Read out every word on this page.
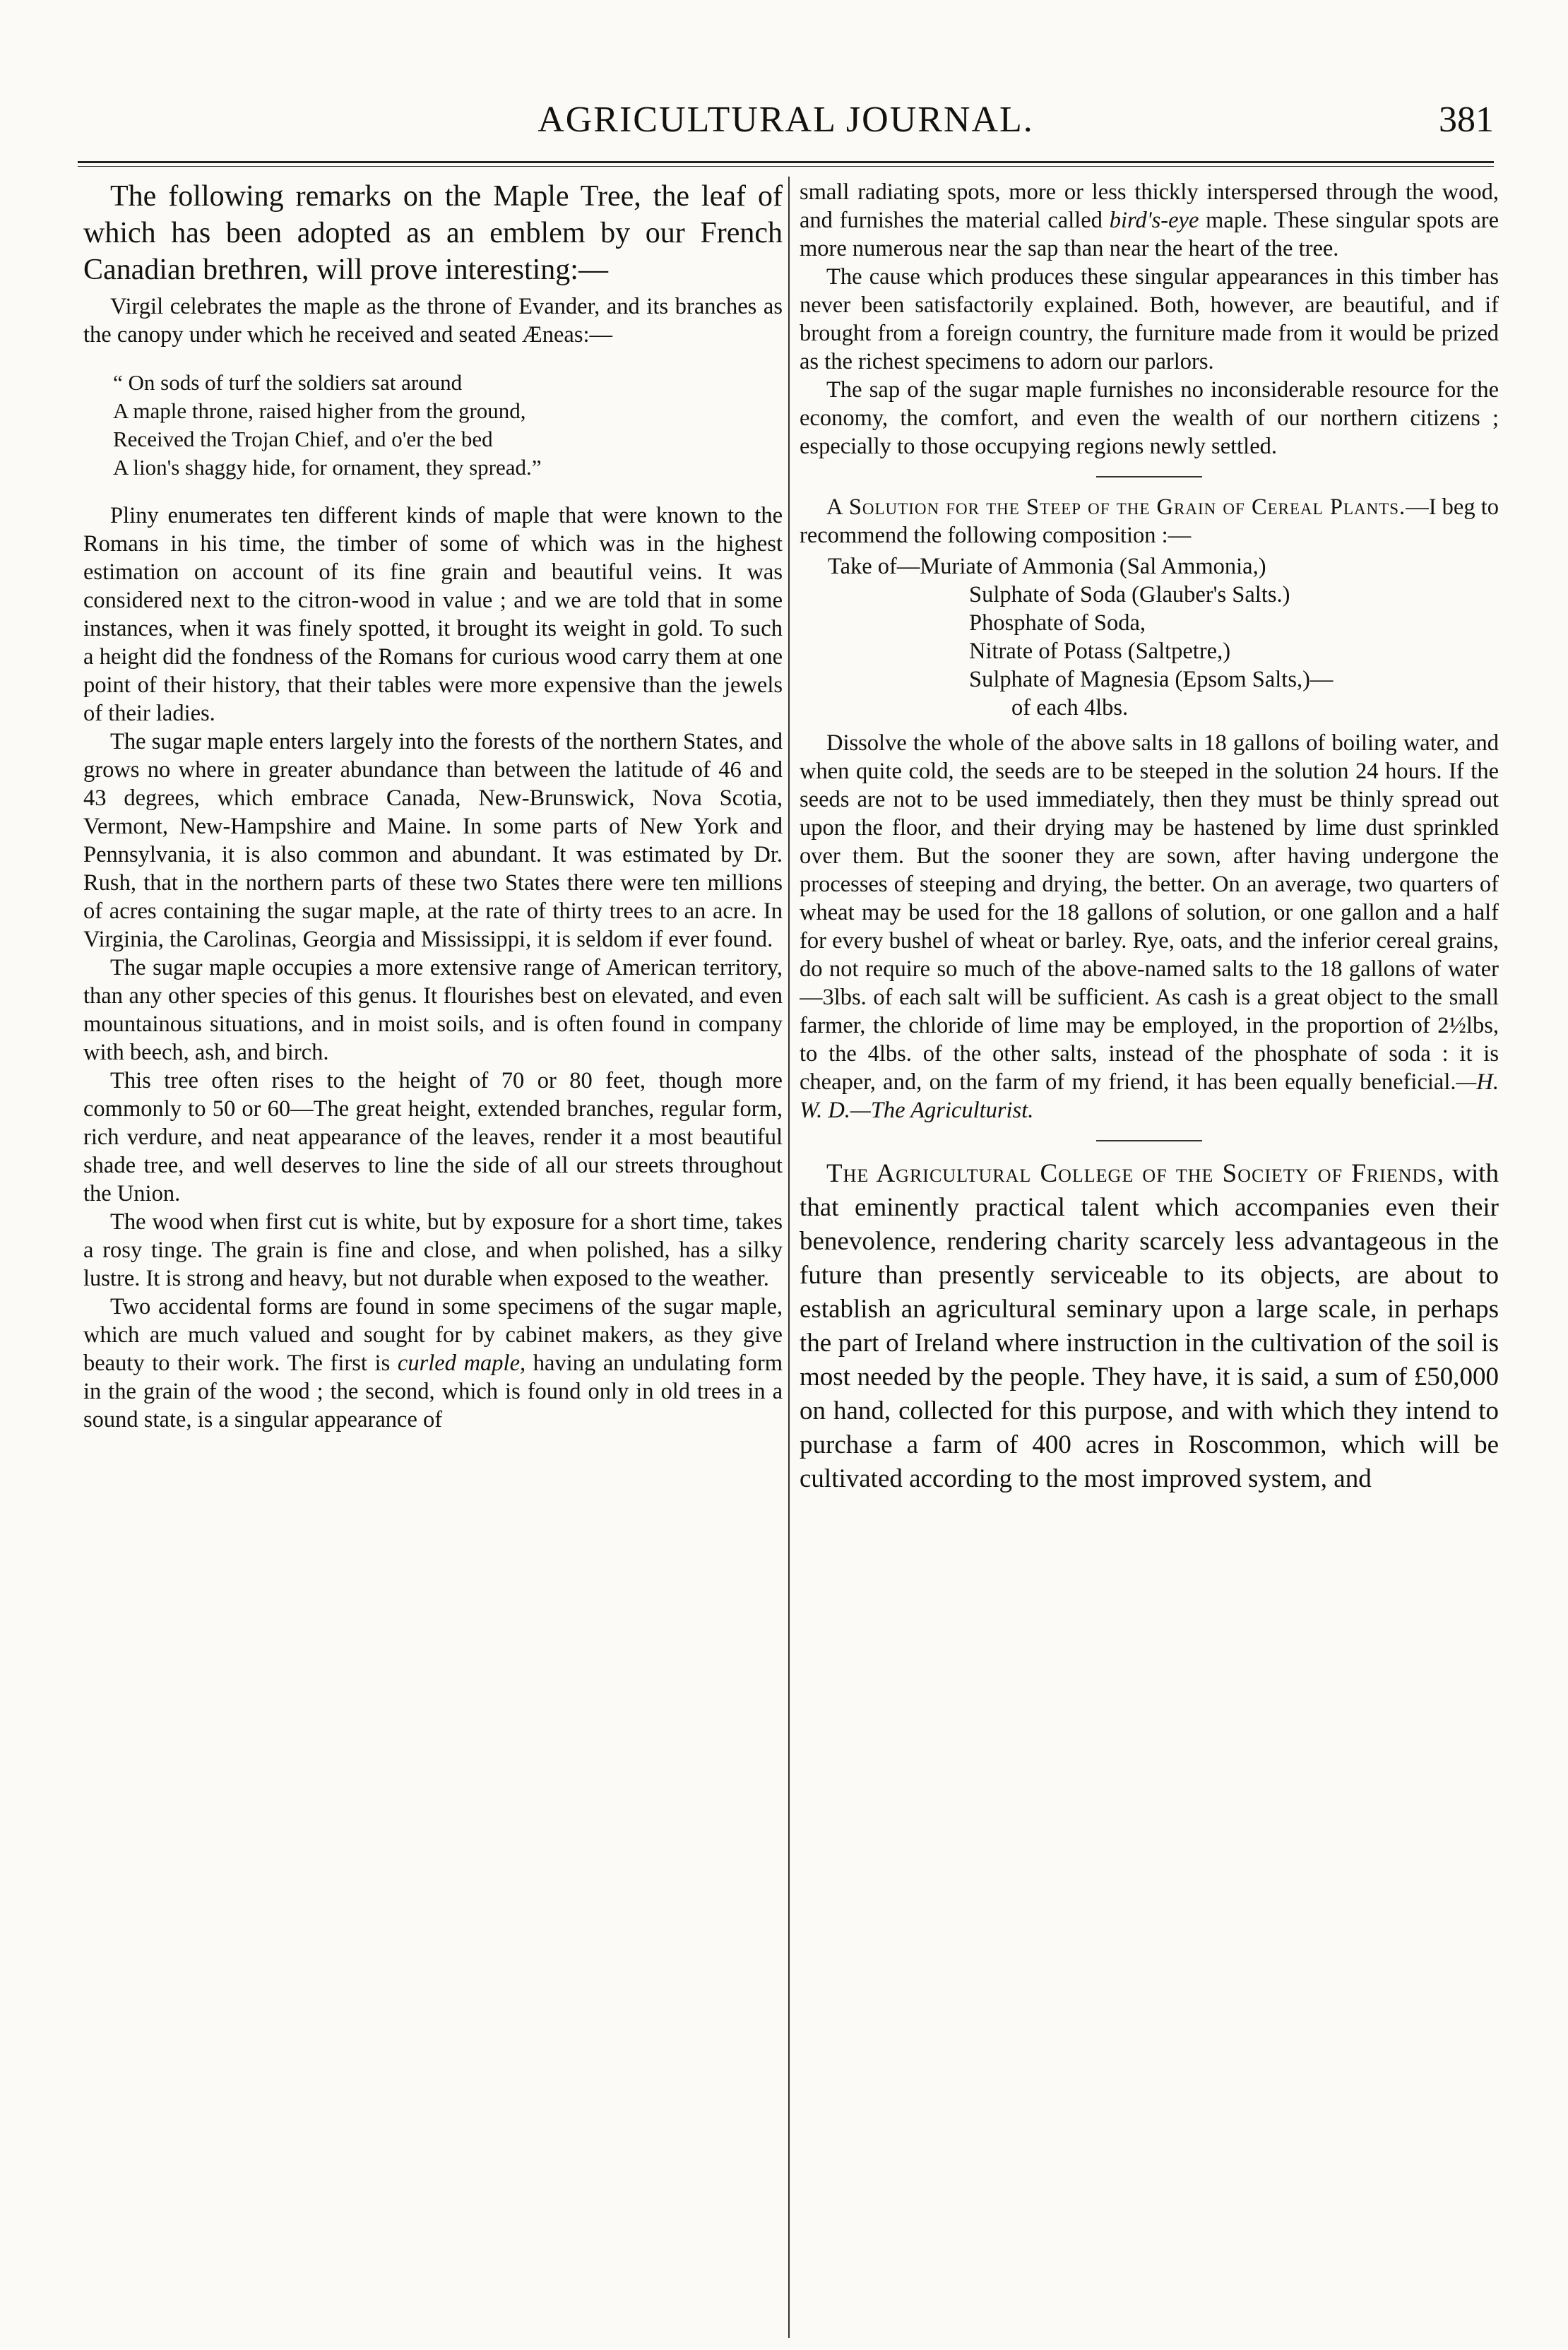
AGRICULTURAL JOURNAL.	381

The following remarks on the Maple Tree, the leaf of which has been adopted as an emblem by our French Canadian brethren, will prove interesting:—

Virgil celebrates the maple as the throne of Evander, and its branches as the canopy under which he received and seated Æneas:—

“ On sods of turf the soldiers sat around
A maple throne, raised higher from the ground,
Received the Trojan Chief, and o'er the bed
A lion's shaggy hide, for ornament, they spread.”

Pliny enumerates ten different kinds of maple that were known to the Romans in his time, the timber of some of which was in the highest estimation on account of its fine grain and beautiful veins. It was considered next to the citron-wood in value ; and we are told that in some instances, when it was finely spotted, it brought its weight in gold. To such a height did the fondness of the Romans for curious wood carry them at one point of their history, that their tables were more expensive than the jewels of their ladies.

The sugar maple enters largely into the forests of the northern States, and grows no where in greater abundance than between the latitude of 46 and 43 degrees, which embrace Canada, New-Brunswick, Nova Scotia, Vermont, New-Hampshire and Maine. In some parts of New York and Pennsylvania, it is also common and abundant. It was estimated by Dr. Rush, that in the northern parts of these two States there were ten millions of acres containing the sugar maple, at the rate of thirty trees to an acre. In Virginia, the Carolinas, Georgia and Mississippi, it is seldom if ever found.

The sugar maple occupies a more extensive range of American territory, than any other species of this genus. It flourishes best on elevated, and even mountainous situations, and in moist soils, and is often found in company with beech, ash, and birch.

This tree often rises to the height of 70 or 80 feet, though more commonly to 50 or 60—The great height, extended branches, regular form, rich verdure, and neat appearance of the leaves, render it a most beautiful shade tree, and well deserves to line the side of all our streets throughout the Union.

The wood when first cut is white, but by exposure for a short time, takes a rosy tinge. The grain is fine and close, and when polished, has a silky lustre. It is strong and heavy, but not durable when exposed to the weather.

Two accidental forms are found in some specimens of the sugar maple, which are much valued and sought for by cabinet makers, as they give beauty to their work. The first is curled maple, having an undulating form in the grain of the wood ; the second, which is found only in old trees in a sound state, is a singular appearance of

small radiating spots, more or less thickly interspersed through the wood, and furnishes the material called bird's-eye maple. These singular spots are more numerous near the sap than near the heart of the tree.

The cause which produces these singular appearances in this timber has never been satisfactorily explained. Both, however, are beautiful, and if brought from a foreign country, the furniture made from it would be prized as the richest specimens to adorn our parlors.

The sap of the sugar maple furnishes no inconsiderable resource for the economy, the comfort, and even the wealth of our northern citizens ; especially to those occupying regions newly settled.

A Solution for the Steep of the Grain of Cereal Plants.—I beg to recommend the following composition :—

Take of—Muriate of Ammonia (Sal Ammonia,)
Sulphate of Soda (Glauber's Salts.)
Phosphate of Soda,
Nitrate of Potass (Saltpetre,)
Sulphate of Magnesia (Epsom Salts,)—
of each 4lbs.

Dissolve the whole of the above salts in 18 gallons of boiling water, and when quite cold, the seeds are to be steeped in the solution 24 hours. If the seeds are not to be used immediately, then they must be thinly spread out upon the floor, and their drying may be hastened by lime dust sprinkled over them. But the sooner they are sown, after having undergone the processes of steeping and drying, the better. On an average, two quarters of wheat may be used for the 18 gallons of solution, or one gallon and a half for every bushel of wheat or barley. Rye, oats, and the inferior cereal grains, do not require so much of the above-named salts to the 18 gallons of water—3lbs. of each salt will be sufficient. As cash is a great object to the small farmer, the chloride of lime may be employed, in the proportion of 2½lbs, to the 4lbs. of the other salts, instead of the phosphate of soda : it is cheaper, and, on the farm of my friend, it has been equally beneficial.—H. W. D.—The Agriculturist.

The Agricultural College of the Society of Friends, with that eminently practical talent which accompanies even their benevolence, rendering charity scarcely less advantageous in the future than presently serviceable to its objects, are about to establish an agricultural seminary upon a large scale, in perhaps the part of Ireland where instruction in the cultivation of the soil is most needed by the people. They have, it is said, a sum of £50,000 on hand, collected for this purpose, and with which they intend to purchase a farm of 400 acres in Roscommon, which will be cultivated according to the most improved system, and
